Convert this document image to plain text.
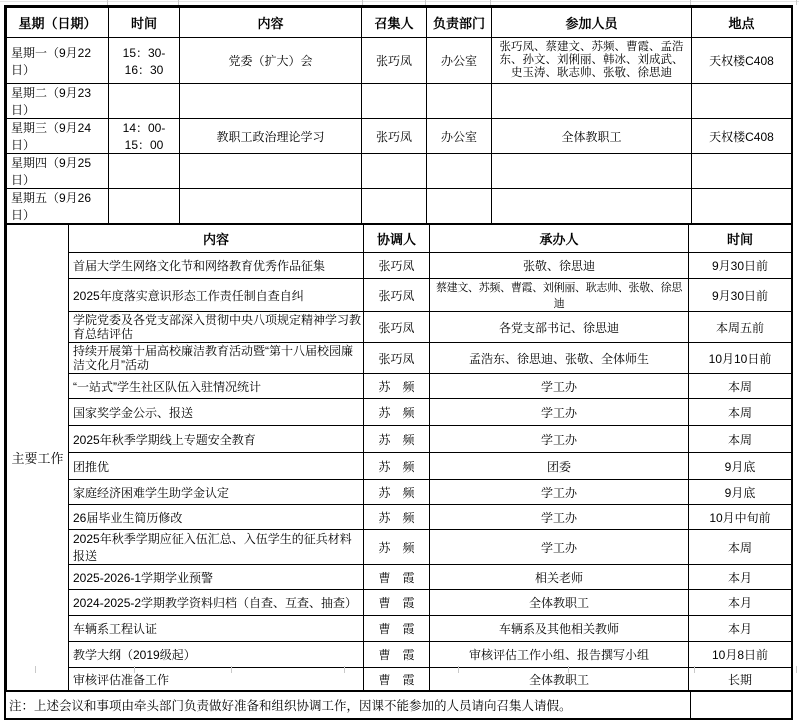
星期（日期）	时间	内容	召集人	负责部门	参加人员	地点
星期一（9月22日）	15：30-16：30	党委（扩大）会	张巧凤	办公室	张巧凤、蔡建文、苏频、曹霞、孟浩东、孙文、刘俐丽、韩冰、刘成武、史玉涛、耿志帅、张敬、徐思迪	天权楼C408
星期二（9月23日）						
星期三（9月24日）	14：00-15：00	教职工政治理论学习	张巧凤	办公室	全体教职工	天权楼C408
星期四（9月25日）						
星期五（9月26日）						
主要工作	内容	协调人	承办人	时间
	首届大学生网络文化节和网络教育优秀作品征集	张巧凤	张敬、徐思迪	9月30日前
	2025年度落实意识形态工作责任制自查自纠	张巧凤	蔡建文、苏频、曹霞、刘俐丽、耿志帅、张敬、徐思迪	9月30日前
	学院党委及各党支部深入贯彻中央八项规定精神学习教育总结评估	张巧凤	各党支部书记、徐思迪	本周五前
	持续开展第十届高校廉洁教育活动暨“第十八届校园廉洁文化月”活动	张巧凤	孟浩东、徐思迪、张敬、全体师生	10月10日前
	“一站式”学生社区队伍入驻情况统计	苏　频	学工办	本周
	国家奖学金公示、报送	苏　频	学工办	本周
	2025年秋季学期线上专题安全教育	苏　频	学工办	本周
	团推优	苏　频	团委	9月底
	家庭经济困难学生助学金认定	苏　频	学工办	9月底
	26届毕业生简历修改	苏　频	学工办	10月中旬前
	2025年秋季学期应征入伍汇总、入伍学生的征兵材料报送	苏　频	学工办	本周
	2025-2026-1学期学业预警	曹　霞	相关老师	本月
	2024-2025-2学期教学资料归档（自查、互查、抽查）	曹　霞	全体教职工	本月
	车辆系工程认证	曹　霞	车辆系及其他相关教师	本月
	教学大纲（2019级起）	曹　霞	审核评估工作小组、报告撰写小组	10月8日前
	审核评估准备工作	曹　霞	全体教职工	长期
注：上述会议和事项由牵头部门负责做好准备和组织协调工作，因课不能参加的人员请向召集人请假。
